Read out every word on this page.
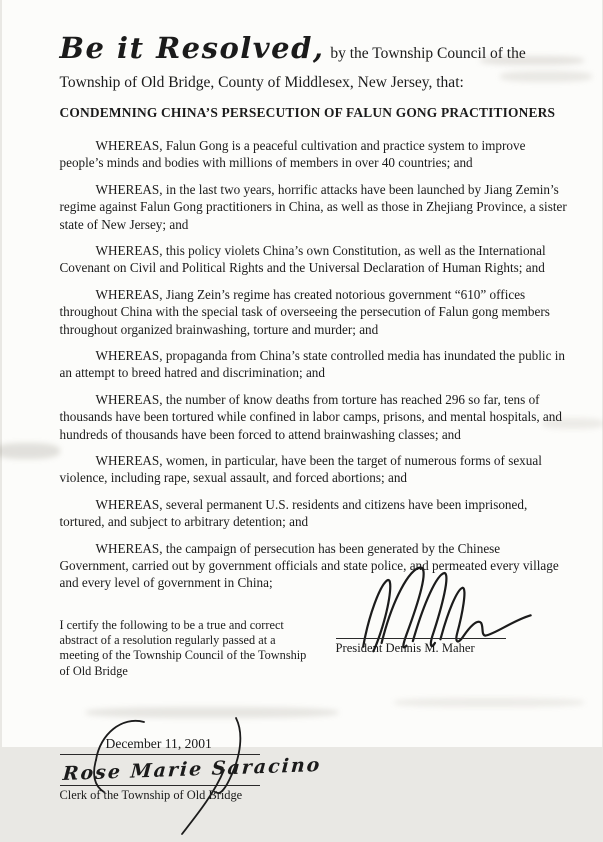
Be it Resolved, by the Township Council of the Township of Old Bridge, County of Middlesex, New Jersey, that:

CONDEMNING CHINA’S PERSECUTION OF FALUN GONG PRACTITIONERS

WHEREAS, Falun Gong is a peaceful cultivation and practice system to improve people’s minds and bodies with millions of members in over 40 countries; and

WHEREAS, in the last two years, horrific attacks have been launched by Jiang Zemin’s regime against Falun Gong practitioners in China, as well as those in Zhejiang Province, a sister state of New Jersey; and

WHEREAS, this policy violets China’s own Constitution, as well as the International Covenant on Civil and Political Rights and the Universal Declaration of Human Rights; and

WHEREAS, Jiang Zein’s regime has created notorious government “610” offices throughout China with the special task of overseeing the persecution of Falun gong members throughout organized brainwashing, torture and murder; and

WHEREAS, propaganda from China’s state controlled media has inundated the public in an attempt to breed hatred and discrimination; and

WHEREAS, the number of know deaths from torture has reached 296 so far, tens of thousands have been tortured while confined in labor camps, prisons, and mental hospitals, and hundreds of thousands have been forced to attend brainwashing classes; and

WHEREAS, women, in particular, have been the target of numerous forms of sexual violence, including rape, sexual assault, and forced abortions; and

WHEREAS, several permanent U.S. residents and citizens have been imprisoned, tortured, and subject to arbitrary detention; and

WHEREAS, the campaign of persecution has been generated by the Chinese Government, carried out by government officials and state police, and permeated every village and every level of government in China;

I certify the following to be a true and correct abstract of a resolution regularly passed at a meeting of the Township Council of the Township of Old Bridge
President Dennis M. Maher
December 11, 2001
Rose Marie Saracino
Clerk of the Township of Old Bridge
